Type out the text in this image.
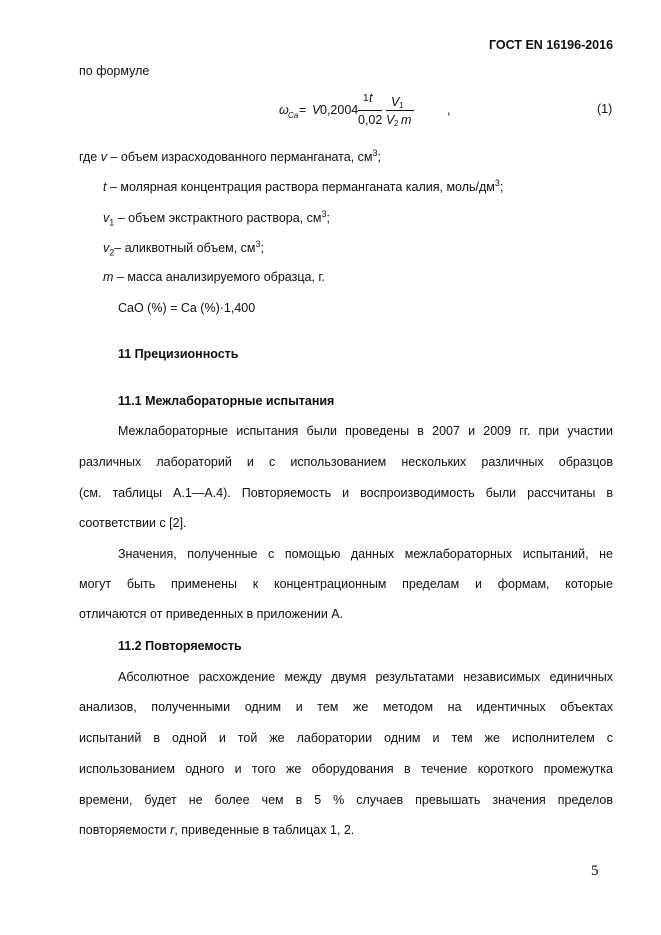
ГОСТ EN 16196-2016
по формуле
ω Ca = V 0,2004
1 t
0,02
V 1
V 2 m
,	(1)
где v – объем израсходованного перманганата, $см^3$;
t – молярная концентрация раствора перманганата калия, моль/$дм^3$;
$v_1$ – объем экстрактного раствора, $см^3$;
$v_2-$ аликвотный объем, $см^3$;
m – масса анализируемого образца, г.
CaO (%) = Ca (%)·1,400
11 Прецизионность
11.1 Межлабораторные испытания
Межлабораторные испытания были проведены в 2007 и 2009 гг. при участии
различных лабораторий и с использованием нескольких различных образцов
(см. таблицы А.1—А.4). Повторяемость и воспроизводимость были рассчитаны в
соответствии с [2].
Значения, полученные с помощью данных межлабораторных испытаний, не
могут быть применены к концентрационным пределам и формам, которые
отличаются от приведенных в приложении А.
11.2 Повторяемость
Абсолютное расхождение между двумя результатами независимых единичных
анализов, полученными одним и тем же методом на идентичных объектах
испытаний в одной и той же лаборатории одним и тем же исполнителем с
использованием одного и того же оборудования в течение короткого промежутка
времени, будет не более чем в 5 % случаев превышать значения пределов
повторяемости r, приведенные в таблицах 1, 2.
5
